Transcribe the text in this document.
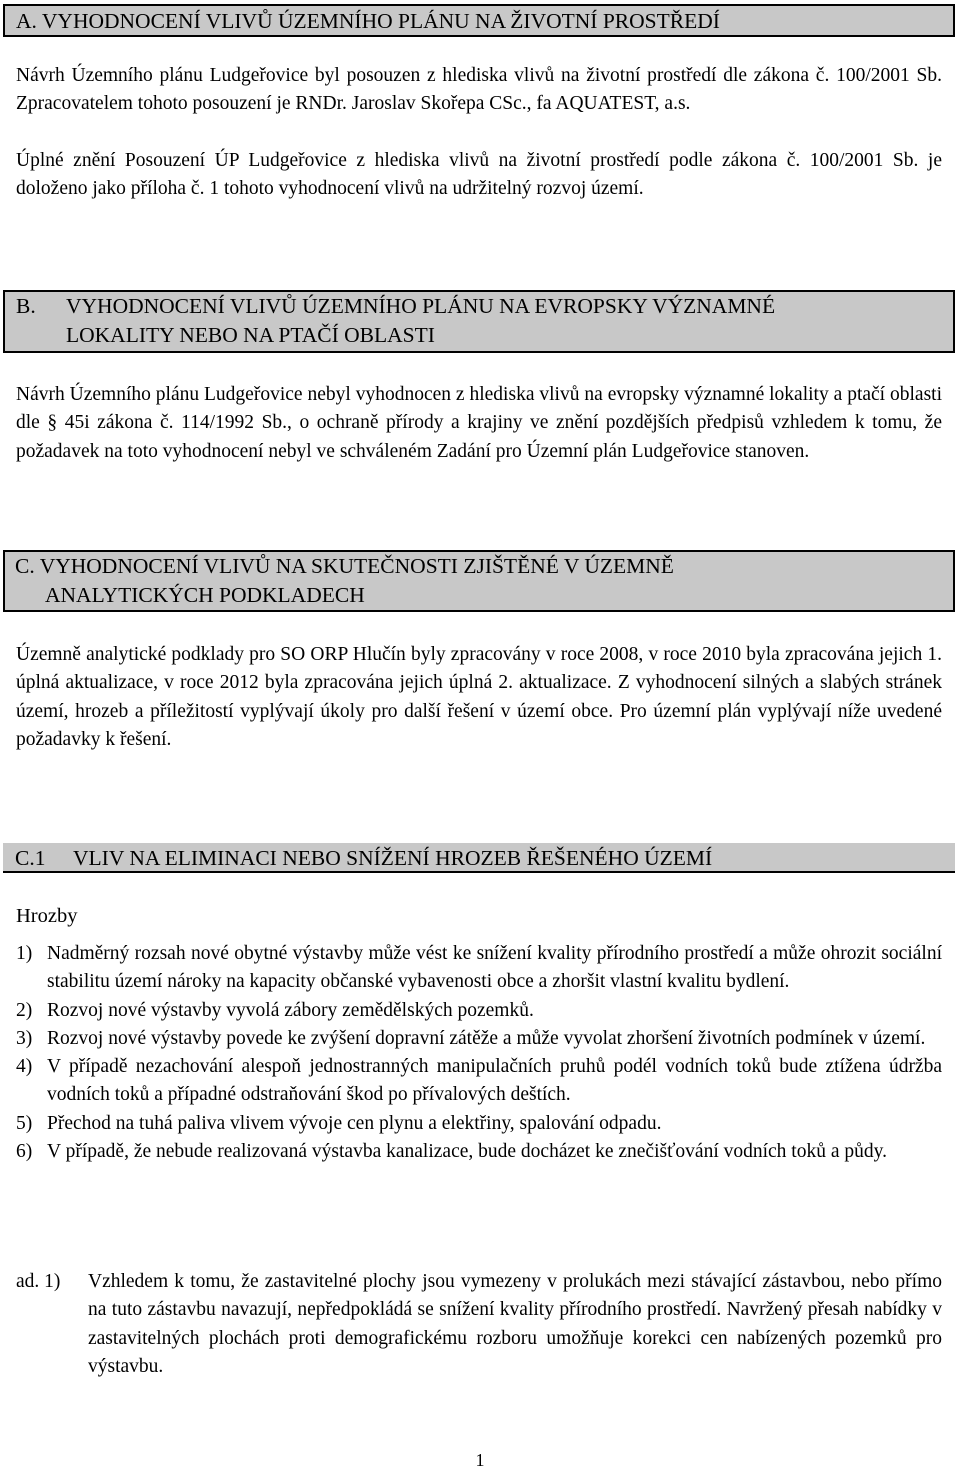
A. VYHODNOCENÍ VLIVŮ ÚZEMNÍHO PLÁNU NA ŽIVOTNÍ PROSTŘEDÍ

Návrh Územního plánu Ludgeřovice byl posouzen z hlediska vlivů na životní prostředí dle zákona č. 100/2001 Sb. Zpracovatelem tohoto posouzení je RNDr. Jaroslav Skořepa CSc., fa AQUATEST, a.s.

Úplné znění Posouzení ÚP Ludgeřovice z hlediska vlivů na životní prostředí podle zákona č. 100/2001 Sb. je doloženo jako příloha č. 1 tohoto vyhodnocení vlivů na udržitelný rozvoj území.

B. VYHODNOCENÍ VLIVŮ ÚZEMNÍHO PLÁNU NA EVROPSKY VÝZNAMNÉ
LOKALITY NEBO NA PTAČÍ OBLASTI

Návrh Územního plánu Ludgeřovice nebyl vyhodnocen z hlediska vlivů na evropsky významné lokality a ptačí oblasti dle § 45i zákona č. 114/1992 Sb., o ochraně přírody a krajiny ve znění pozdějších předpisů vzhledem k tomu, že požadavek na toto vyhodnocení nebyl ve schváleném Zadání pro Územní plán Ludgeřovice stanoven.

C. VYHODNOCENÍ VLIVŮ NA SKUTEČNOSTI ZJIŠTĚNÉ V ÚZEMNĚ
ANALYTICKÝCH PODKLADECH

Územně analytické podklady pro SO ORP Hlučín byly zpracovány v roce 2008, v roce 2010 byla zpracována jejich 1. úplná aktualizace, v roce 2012 byla zpracována jejich úplná 2. aktualizace. Z vyhodnocení silných a slabých stránek území, hrozeb a příležitostí vyplývají úkoly pro další řešení v území obce. Pro územní plán vyplývají níže uvedené požadavky k řešení.

C.1 VLIV NA ELIMINACI NEBO SNÍŽENÍ HROZEB ŘEŠENÉHO ÚZEMÍ
Hrozby
1) Nadměrný rozsah nové obytné výstavby může vést ke snížení kvality přírodního prostředí a může ohrozit sociální stabilitu území nároky na kapacity občanské vybavenosti obce a zhoršit vlastní kvalitu bydlení.
2) Rozvoj nové výstavby vyvolá zábory zemědělských pozemků.
3) Rozvoj nové výstavby povede ke zvýšení dopravní zátěže a může vyvolat zhoršení životních podmínek v území.
4) V případě nezachování alespoň jednostranných manipulačních pruhů podél vodních toků bude ztížena údržba vodních toků a případné odstraňování škod po přívalových deštích.
5) Přechod na tuhá paliva vlivem vývoje cen plynu a elektřiny, spalování odpadu.
6) V případě, že nebude realizovaná výstavba kanalizace, bude docházet ke znečišťování vodních toků a půdy.
ad. 1) Vzhledem k tomu, že zastavitelné plochy jsou vymezeny v prolukách mezi stávající zástavbou, nebo přímo na tuto zástavbu navazují, nepředpokládá se snížení kvality přírodního prostředí. Navržený přesah nabídky v zastavitelných plochách proti demografickému rozboru umožňuje korekci cen nabízených pozemků pro výstavbu.
1
